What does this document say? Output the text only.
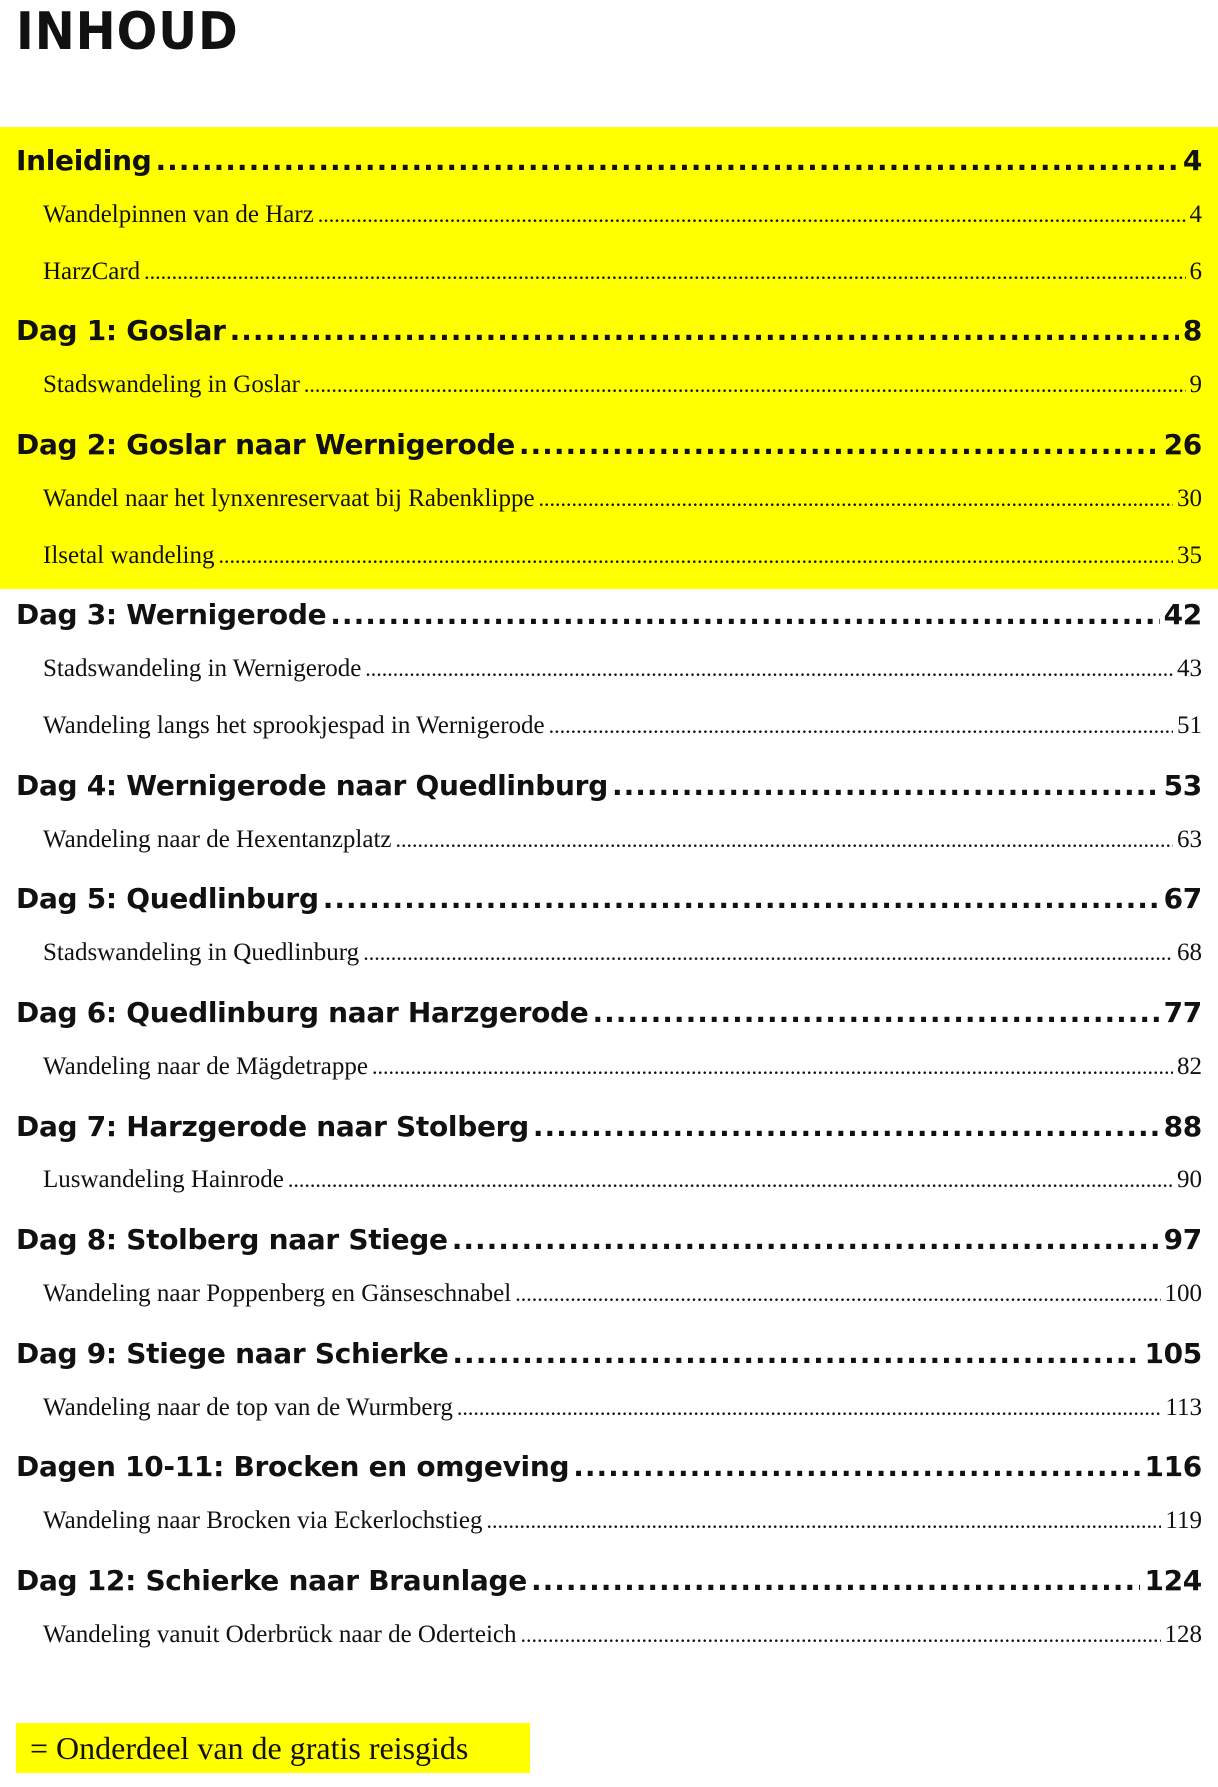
INHOUD
Inleiding .....	4
Wandelpinnen van de Harz .....	4
HarzCard .....	6
Dag 1: Goslar .....	8
Stadswandeling in Goslar .....	9
Dag 2: Goslar naar Wernigerode .....	26
Wandel naar het lynxenreservaat bij Rabenklippe .....	30
Ilsetal wandeling .....	35
Dag 3: Wernigerode .....	42
Stadswandeling in Wernigerode .....	43
Wandeling langs het sprookjespad in Wernigerode .....	51
Dag 4: Wernigerode naar Quedlinburg .....	53
Wandeling naar de Hexentanzplatz .....	63
Dag 5: Quedlinburg .....	67
Stadswandeling in Quedlinburg .....	68
Dag 6: Quedlinburg naar Harzgerode .....	77
Wandeling naar de Mägdetrappe .....	82
Dag 7: Harzgerode naar Stolberg .....	88
Luswandeling Hainrode .....	90
Dag 8: Stolberg naar Stiege .....	97
Wandeling naar Poppenberg en Gänseschnabel .....	100
Dag 9: Stiege naar Schierke .....	105
Wandeling naar de top van de Wurmberg .....	113
Dagen 10-11: Brocken en omgeving .....	116
Wandeling naar Brocken via Eckerlochstieg .....	119
Dag 12: Schierke naar Braunlage .....	124
Wandeling vanuit Oderbrück naar de Oderteich .....	128
= Onderdeel van de gratis reisgids
